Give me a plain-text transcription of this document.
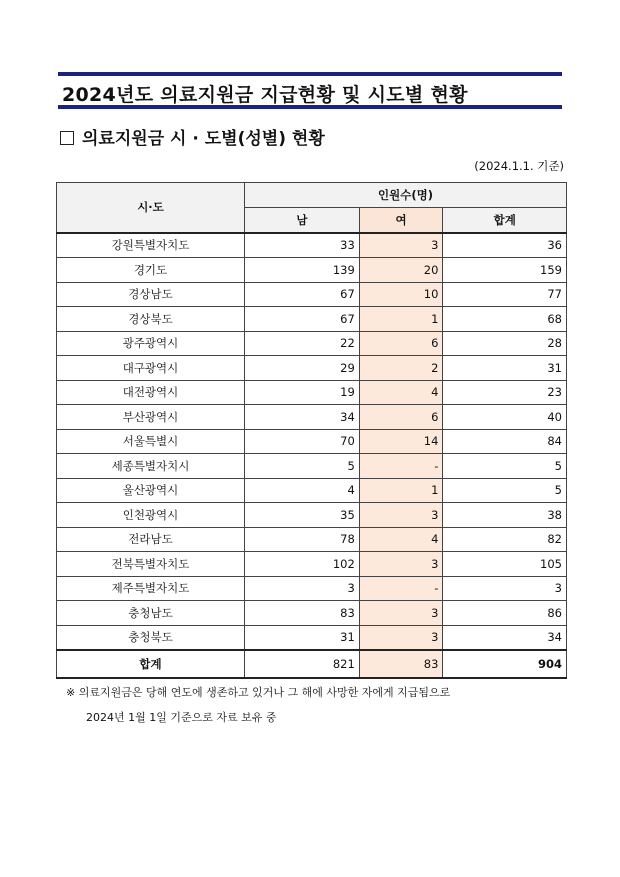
2024년도 의료지원금 지급현황 및 시도별 현황
의료지원금 시 · 도별(성별) 현황
(2024.1.1. 기준)
시·도	인원수(명)		
	남	여	합계
강원특별자치도	33	3	36
경기도	139	20	159
경상남도	67	10	77
경상북도	67	1	68
광주광역시	22	6	28
대구광역시	29	2	31
대전광역시	19	4	23
부산광역시	34	6	40
서울특별시	70	14	84
세종특별자치시	5	-	5
울산광역시	4	1	5
인천광역시	35	3	38
전라남도	78	4	82
전북특별자치도	102	3	105
제주특별자치도	3	-	3
충청남도	83	3	86
충청북도	31	3	34
합계	821	83	904
※ 의료지원금은 당해 연도에 생존하고 있거나 그 해에 사망한 자에게 지급됨으로
2024년 1월 1일 기준으로 자료 보유 중
